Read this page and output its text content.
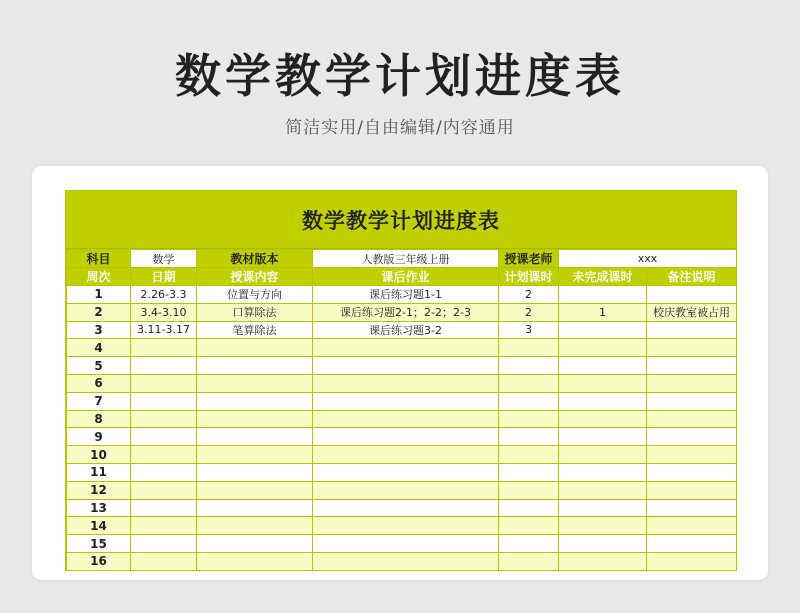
数学教学计划进度表
简洁实用/自由编辑/内容通用
数学教学计划进度表
科目	数学	教材版本	人教版三年级上册	授课老师	xxx	
周次	日期	授课内容	课后作业	计划课时	未完成课时	备注说明
1	2.26-3.3	位置与方向	课后练习题1-1	2		
2	3.4-3.10	口算除法	课后练习题2-1；2-2；2-3	2	1	校庆教室被占用
3	3.11-3.17	笔算除法	课后练习题3-2	3		
4						
5						
6						
7						
8						
9						
10						
11						
12						
13						
14						
15						
16						
